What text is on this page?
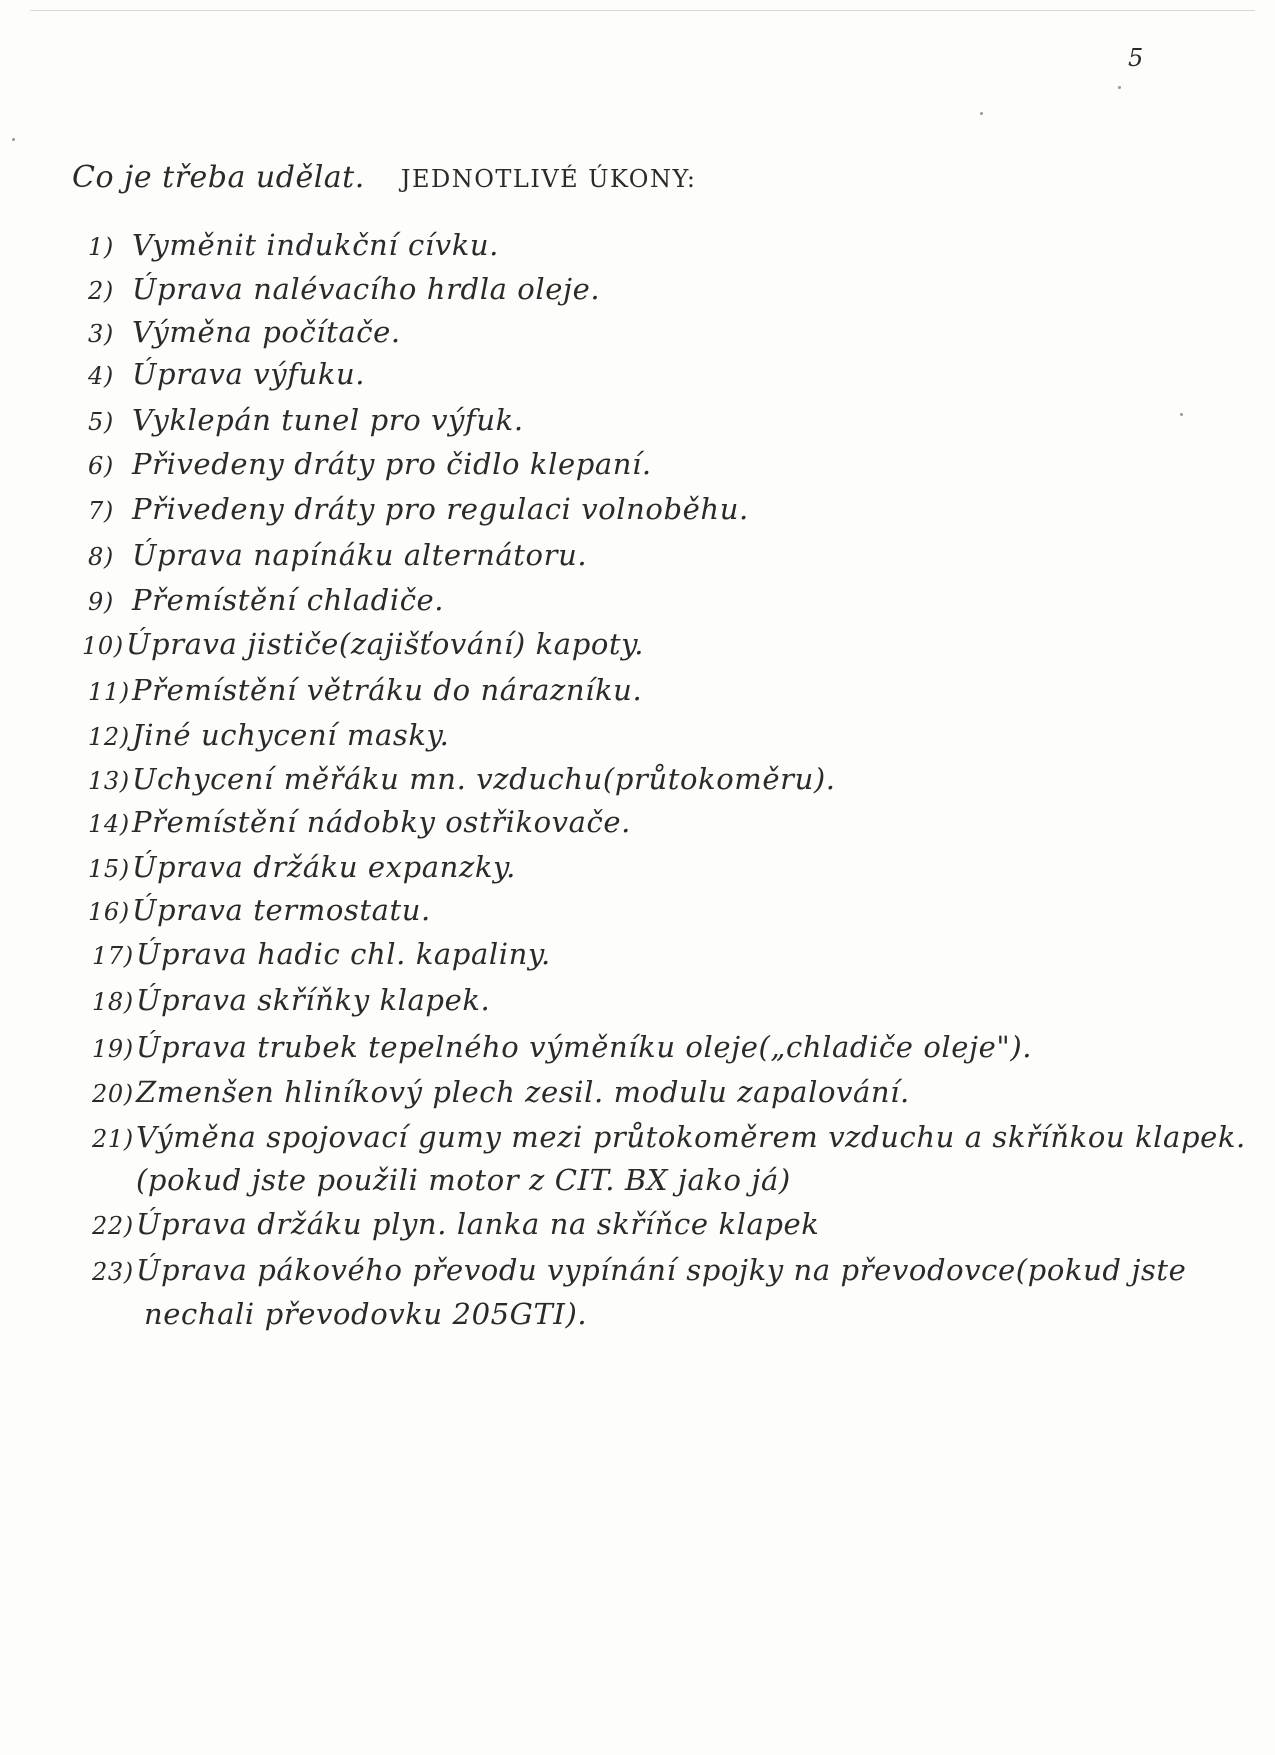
5
Co je třeba udělat. JEDNOTLIVÉ ÚKONY:
1) Vyměnit indukční cívku.
2) Úprava nalévacího hrdla oleje.
3) Výměna počítače.
4) Úprava výfuku.
5) Vyklepán tunel pro výfuk.
6) Přivedeny dráty pro čidlo klepaní.
7) Přivedeny dráty pro regulaci volnoběhu.
8) Úprava napínáku alternátoru.
9) Přemístění chladiče.
10)Úprava jističe(zajišťování) kapoty.
11)Přemístění větráku do nárazníku.
12)Jiné uchycení masky.
13)Uchycení měřáku mn. vzduchu(průtokoměru).
14)Přemístění nádobky ostřikovače.
15)Úprava držáku expanzky.
16)Úprava termostatu.
17)Úprava hadic chl. kapaliny.
18)Úprava skříňky klapek.
19)Úprava trubek tepelného výměníku oleje(„chladiče oleje").
20)Zmenšen hliníkový plech zesil. modulu zapalování.
21)Výměna spojovací gumy mezi průtokoměrem vzduchu a skříňkou klapek.
(pokud jste použili motor z CIT. BX jako já)
22)Úprava držáku plyn. lanka na skříňce klapek
23)Úprava pákového převodu vypínání spojky na převodovce(pokud jste
nechali převodovku 205GTI).
